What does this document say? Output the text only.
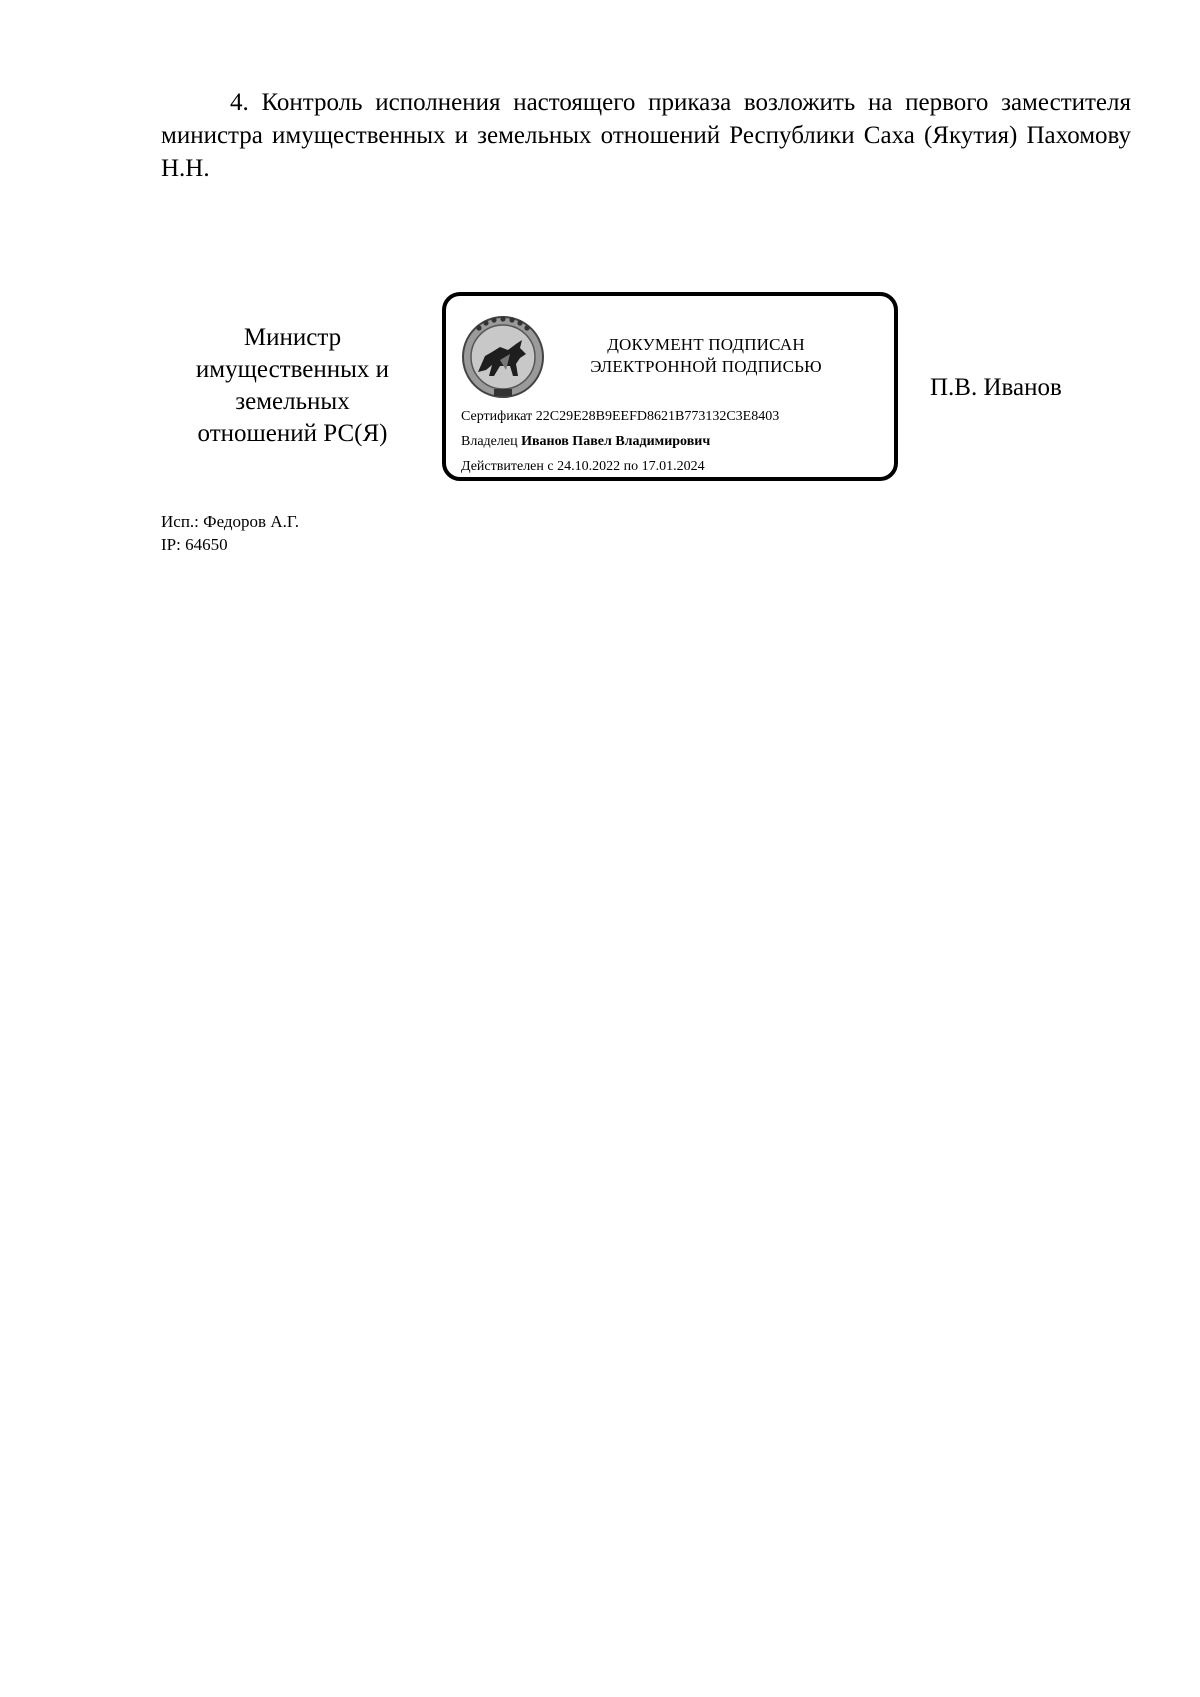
4. Контроль исполнения настоящего приказа возложить на первого заместителя министра имущественных и земельных отношений Республики Саха (Якутия) Пахомову Н.Н.

Министр
имущественных и
земельных
отношений РС(Я)
ДОКУМЕНТ ПОДПИСАН
ЭЛЕКТРОННОЙ ПОДПИСЬЮ
Сертификат 22C29E28B9EEFD8621B773132C3E8403
Владелец Иванов Павел Владимирович
Действителен с 24.10.2022 по 17.01.2024
П.В. Иванов
Исп.: Федоров А.Г.
IP: 64650
